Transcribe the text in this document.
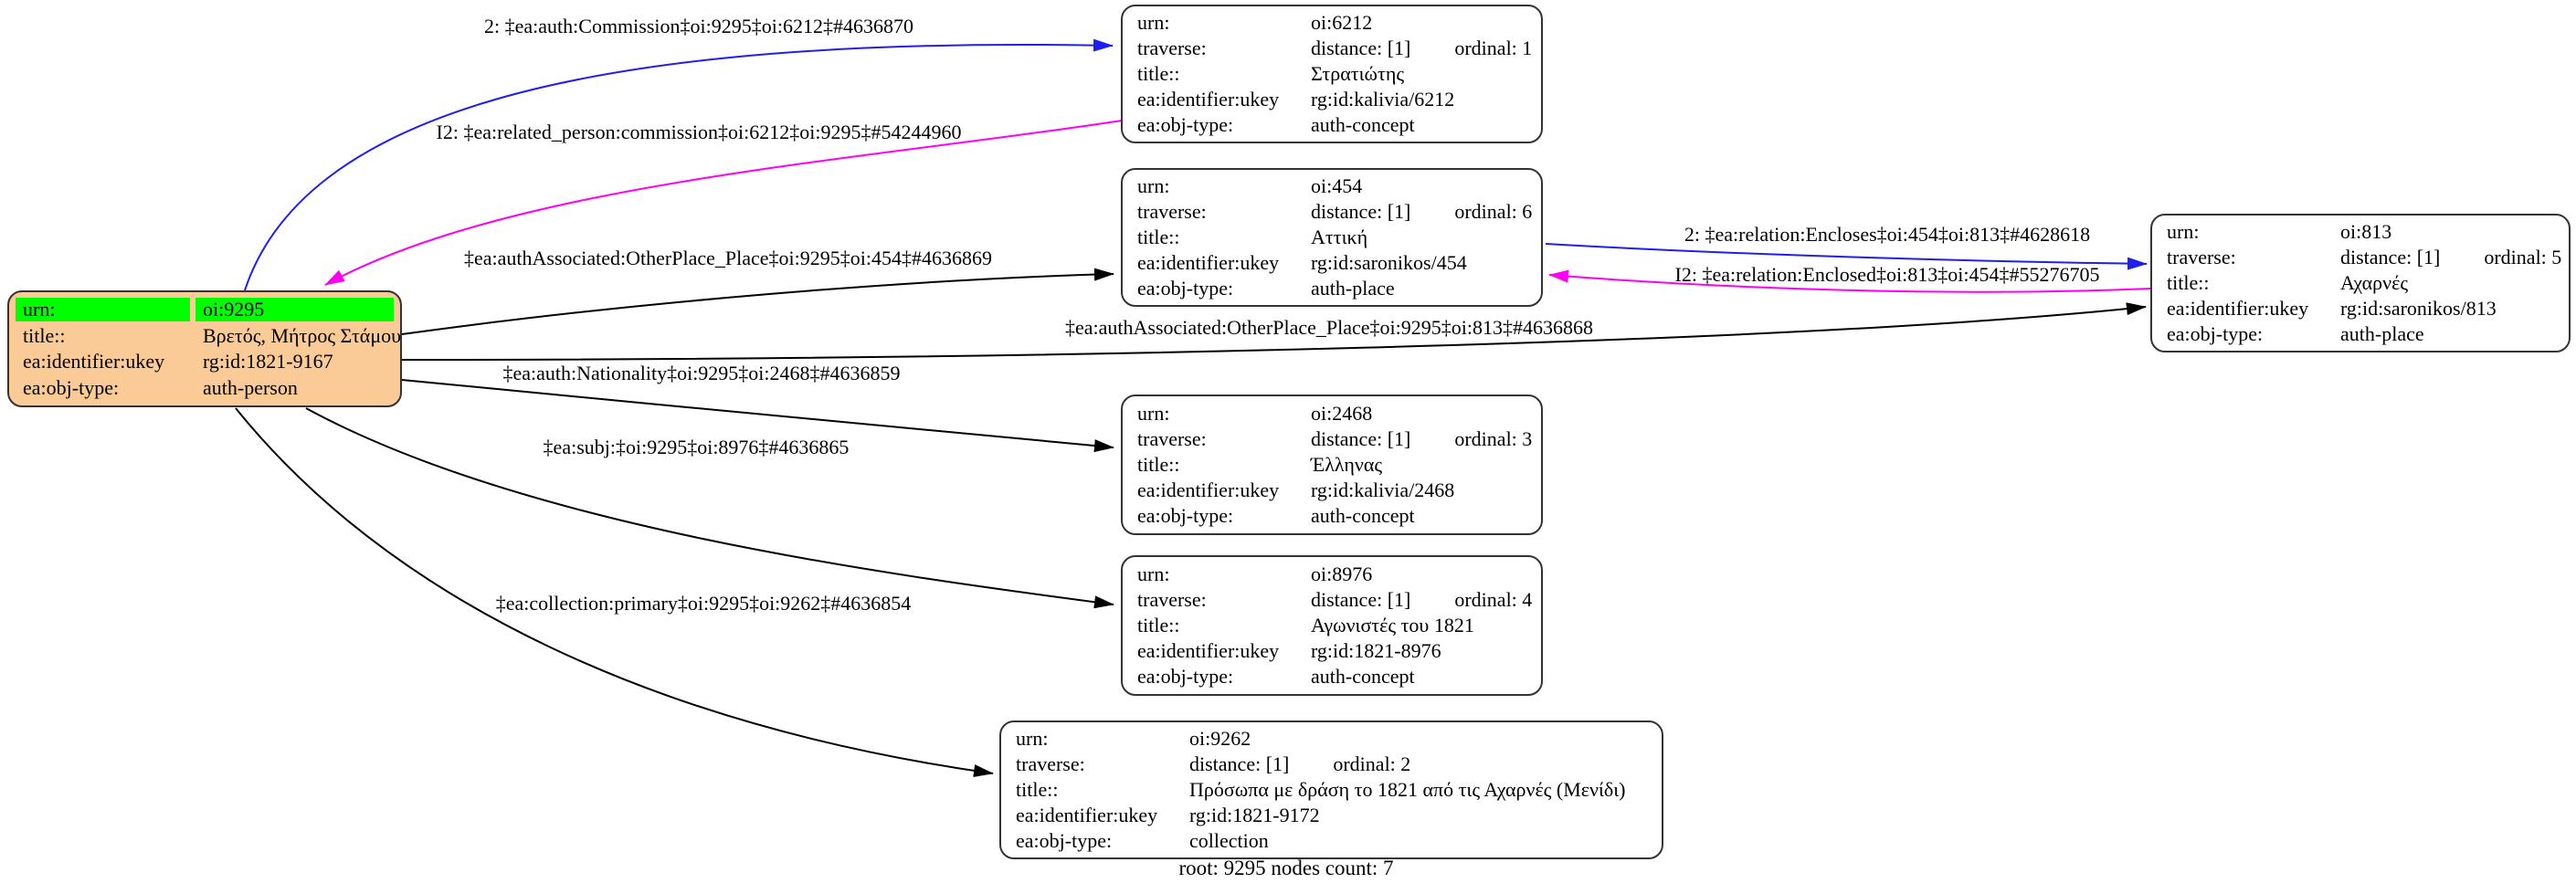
2: ‡ea:auth:Commission‡oi:9295‡oi:6212‡#4636870
I2: ‡ea:related_person:commission‡oi:6212‡oi:9295‡#54244960
‡ea:authAssociated:OtherPlace_Place‡oi:9295‡oi:454‡#4636869
2: ‡ea:relation:Encloses‡oi:454‡oi:813‡#4628618
I2: ‡ea:relation:Enclosed‡oi:813‡oi:454‡#55276705
‡ea:authAssociated:OtherPlace_Place‡oi:9295‡oi:813‡#4636868
‡ea:auth:Nationality‡oi:9295‡oi:2468‡#4636859
‡ea:subj:‡oi:9295‡oi:8976‡#4636865
‡ea:collection:primary‡oi:9295‡oi:9262‡#4636854
urn:	oi:9295
title::	Βρετός, Μήτρος Στάμου
ea:identifier:ukey	rg:id:1821-9167
ea:obj-type:	auth-person
urn:	oi:6212
traverse:	distance: [1] ordinal: 1
title::	Στρατιώτης
ea:identifier:ukey	rg:id:kalivia/6212
ea:obj-type:	auth-concept
urn:	oi:454
traverse:	distance: [1] ordinal: 6
title::	Αττική
ea:identifier:ukey	rg:id:saronikos/454
ea:obj-type:	auth-place
urn:	oi:813
traverse:	distance: [1] ordinal: 5
title::	Αχαρνές
ea:identifier:ukey	rg:id:saronikos/813
ea:obj-type:	auth-place
urn:	oi:2468
traverse:	distance: [1] ordinal: 3
title::	Έλληνας
ea:identifier:ukey	rg:id:kalivia/2468
ea:obj-type:	auth-concept
urn:	oi:8976
traverse:	distance: [1] ordinal: 4
title::	Αγωνιστές του 1821
ea:identifier:ukey	rg:id:1821-8976
ea:obj-type:	auth-concept
urn:	oi:9262
traverse:	distance: [1] ordinal: 2
title::	Πρόσωπα με δράση το 1821 από τις Αχαρνές (Μενίδι)
ea:identifier:ukey	rg:id:1821-9172
ea:obj-type:	collection
root: 9295 nodes count: 7
